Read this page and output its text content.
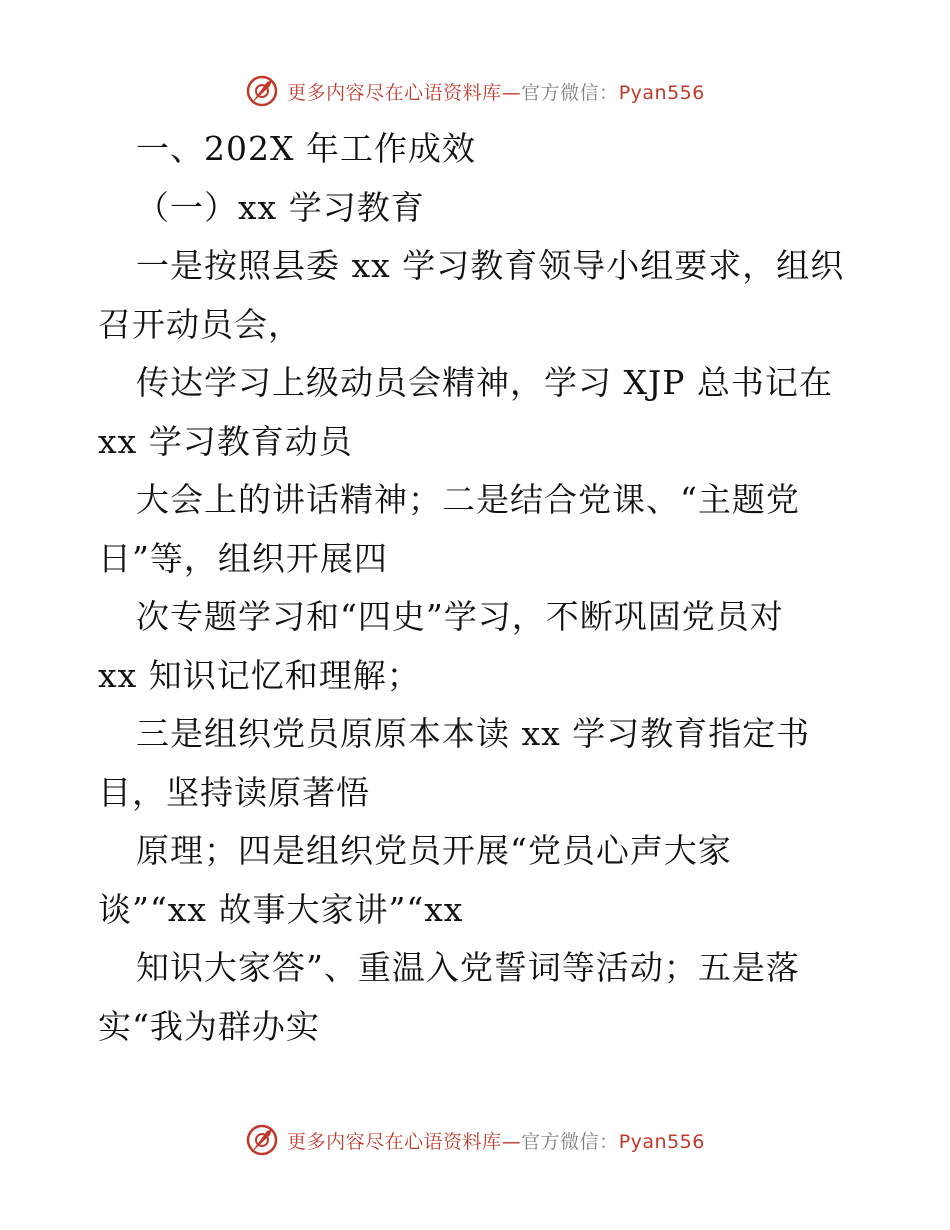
更多内容尽在心语资料库—官方微信：Pyan556
一、202X 年工作成效
（一）xx 学习教育
一是按照县委 xx 学习教育领导小组要求，组织
召开动员会，
传达学习上级动员会精神，学习 XJP 总书记在
xx 学习教育动员
大会上的讲话精神；二是结合党课、“主题党
日”等，组织开展四
次专题学习和“四史”学习，不断巩固党员对
xx 知识记忆和理解；
三是组织党员原原本本读 xx 学习教育指定书
目，坚持读原著悟
原理；四是组织党员开展“党员心声大家
谈”“xx 故事大家讲”“xx
知识大家答”、重温入党誓词等活动；五是落
实“我为群办实
更多内容尽在心语资料库—官方微信：Pyan556
